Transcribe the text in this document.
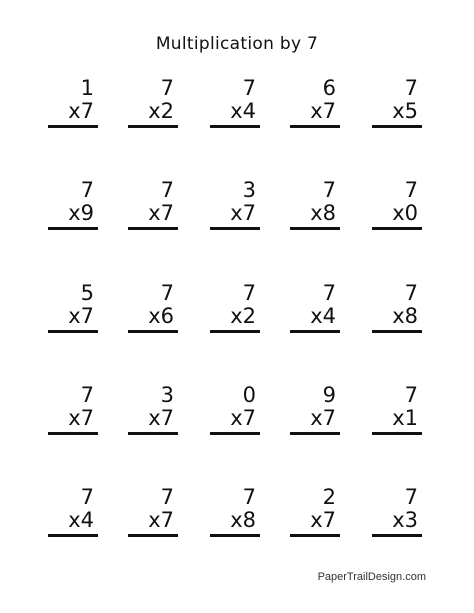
Multiplication by 7
1
x7
7
x2
7
x4
6
x7
7
x5
7
x9
7
x7
3
x7
7
x8
7
x0
5
x7
7
x6
7
x2
7
x4
7
x8
7
x7
3
x7
0
x7
9
x7
7
x1
7
x4
7
x7
7
x8
2
x7
7
x3
PaperTrailDesign.com
